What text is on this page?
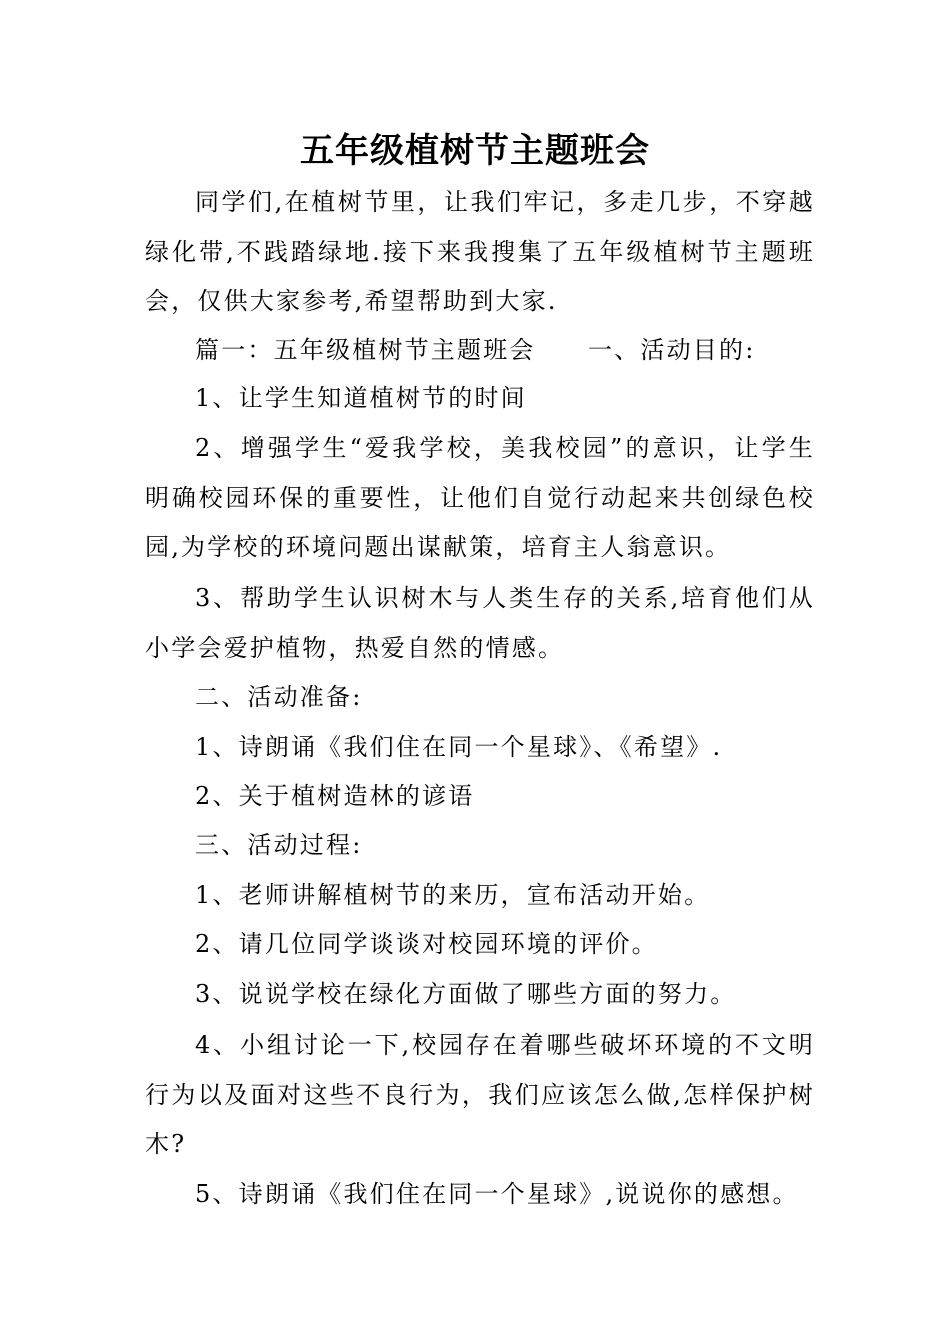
五年级植树节主题班会

同学们,在植树节里，让我们牢记，多走几步，不穿越绿化带,不践踏绿地.接下来我搜集了五年级植树节主题班会，仅供大家参考,希望帮助到大家.

篇一：五年级植树节主题班会　　一、活动目的:

1、让学生知道植树节的时间

2、增强学生“爱我学校，美我校园”的意识，让学生明确校园环保的重要性，让他们自觉行动起来共创绿色校园,为学校的环境问题出谋献策，培育主人翁意识。

3、帮助学生认识树木与人类生存的关系,培育他们从小学会爱护植物，热爱自然的情感。

二、活动准备:

1、诗朗诵《我们住在同一个星球》、《希望》.

2、关于植树造林的谚语

三、活动过程:

1、老师讲解植树节的来历，宣布活动开始。

2、请几位同学谈谈对校园环境的评价。

3、说说学校在绿化方面做了哪些方面的努力。

4、小组讨论一下,校园存在着哪些破坏环境的不文明行为以及面对这些不良行为，我们应该怎么做,怎样保护树木?

5、诗朗诵《我们住在同一个星球》,说说你的感想。
